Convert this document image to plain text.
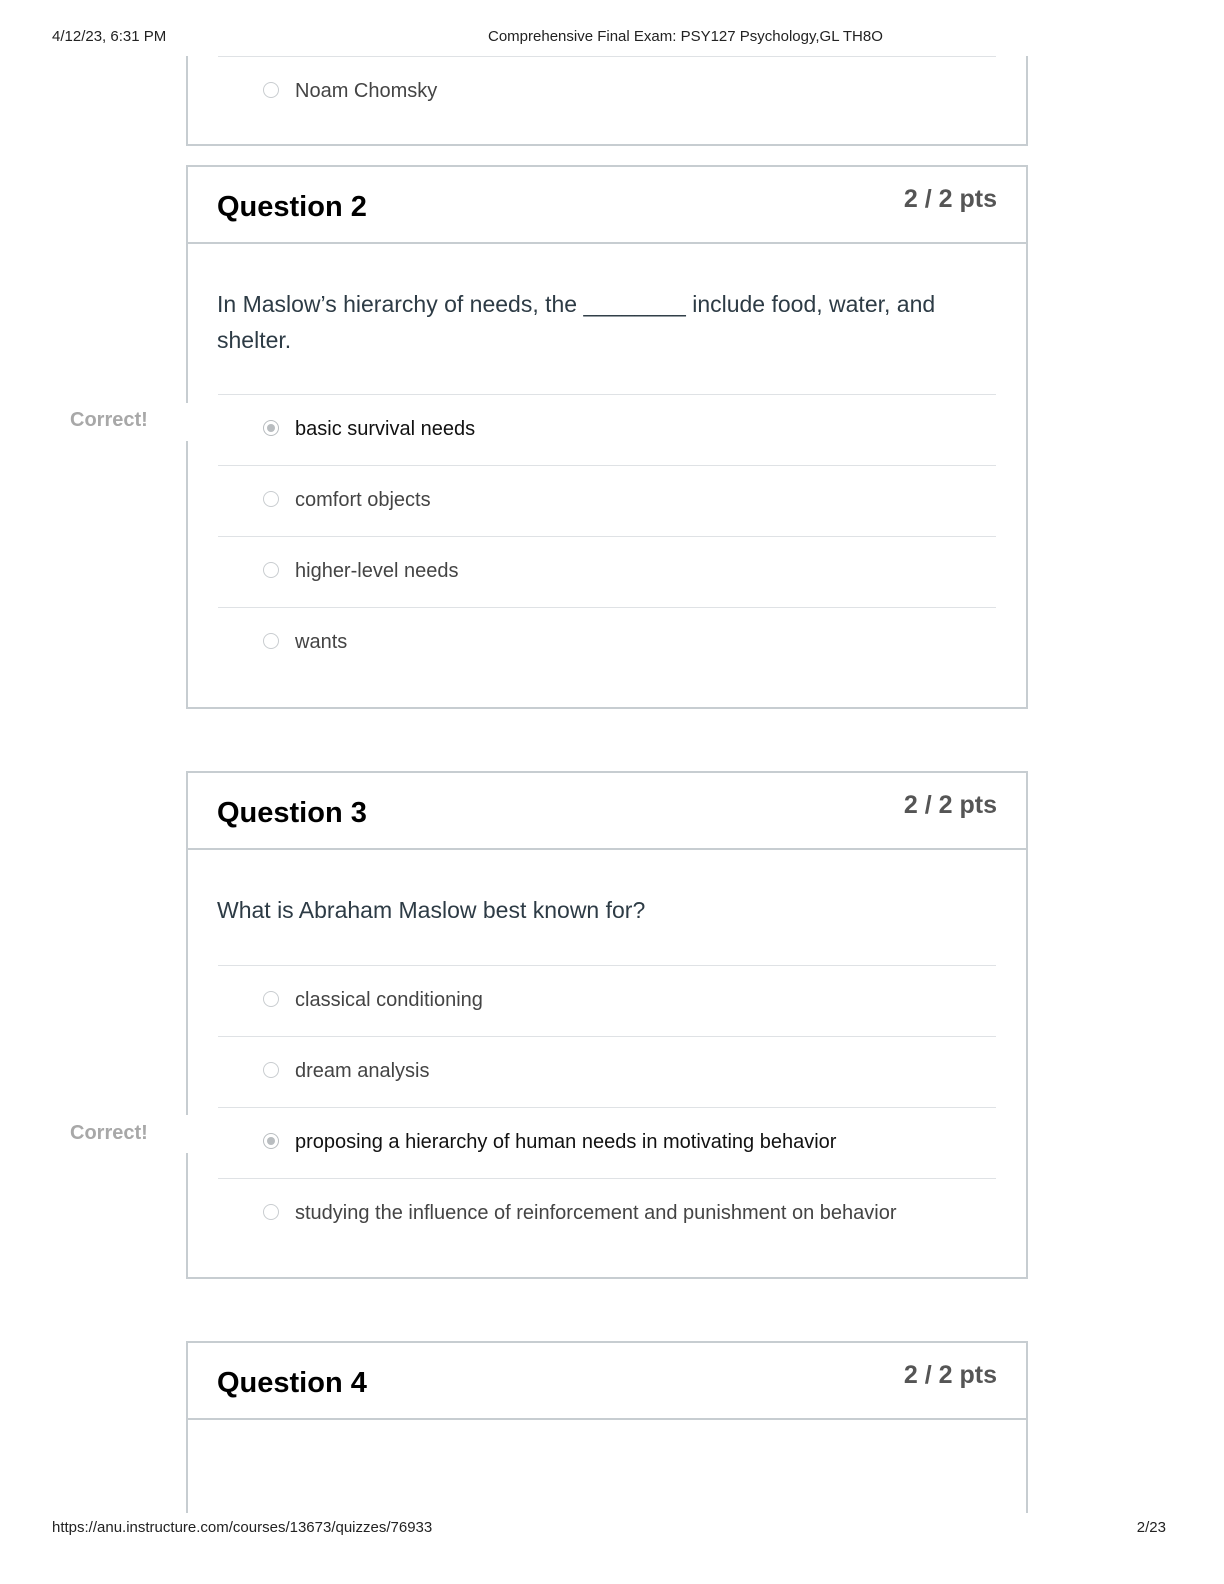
4/12/23, 6:31 PM	Comprehensive Final Exam: PSY127 Psychology,GL TH8O
Noam Chomsky
Question 2	2 / 2 pts
In Maslow’s hierarchy of needs, the ________ include food, water, and shelter.
basic survival needs
comfort objects
higher-level needs
wants
Correct!
Question 3	2 / 2 pts
What is Abraham Maslow best known for?
classical conditioning
dream analysis
proposing a hierarchy of human needs in motivating behavior
studying the influence of reinforcement and punishment on behavior
Correct!
Question 4	2 / 2 pts
https://anu.instructure.com/courses/13673/quizzes/76933	2/23
